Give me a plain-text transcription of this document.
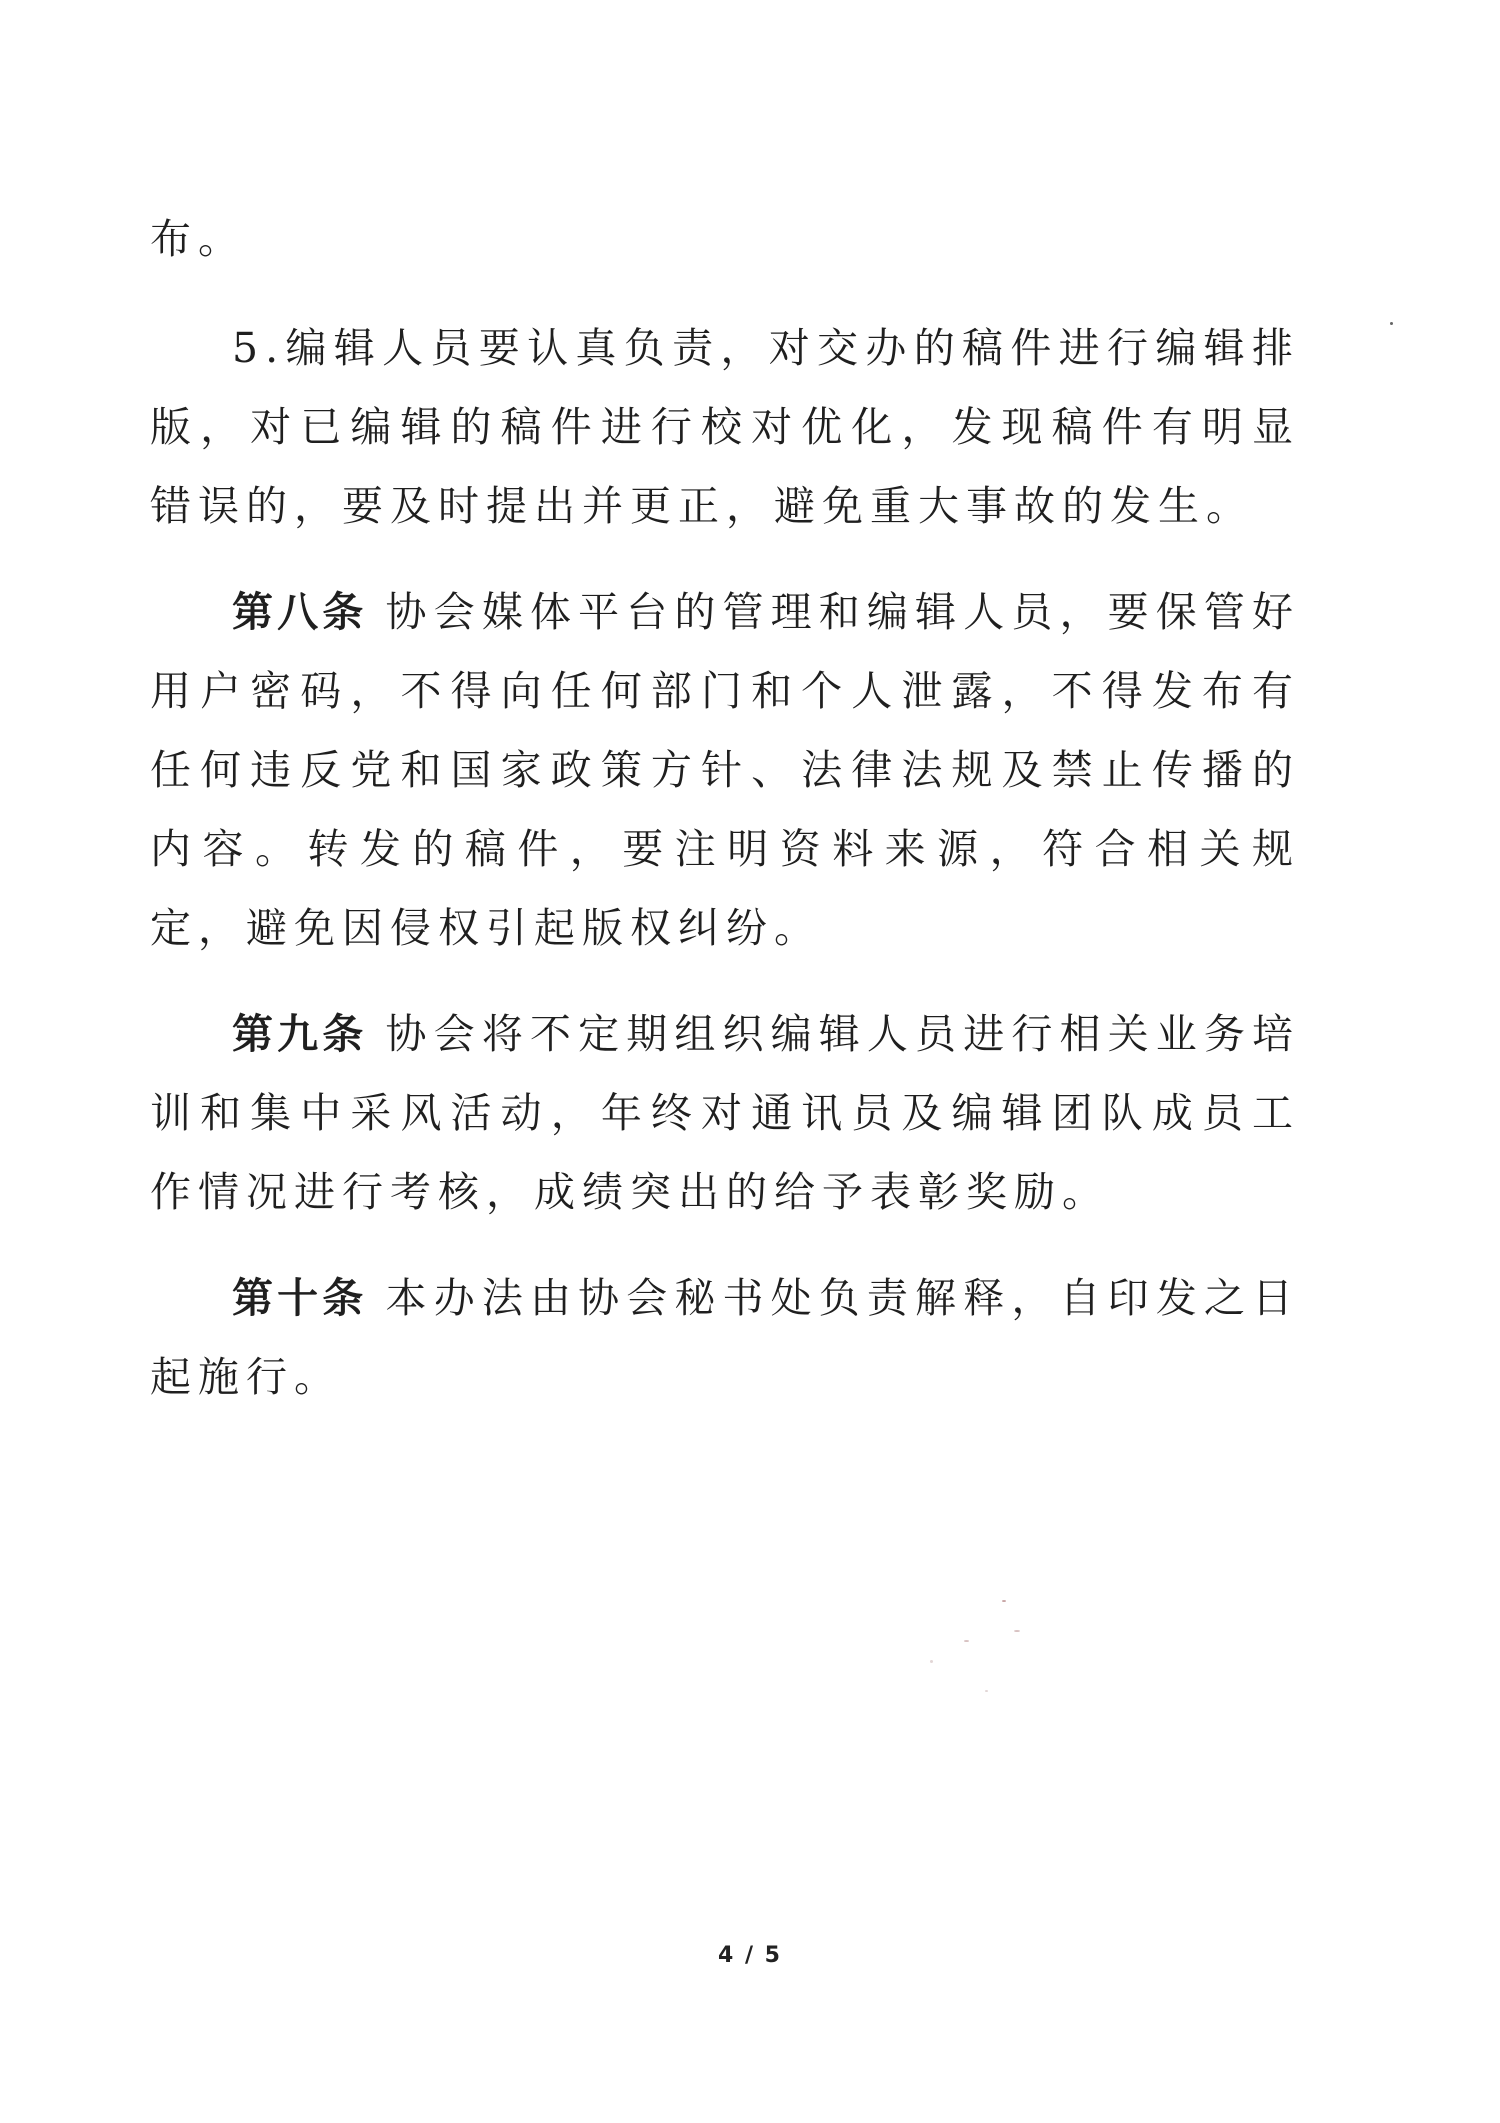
布。

5.编辑人员要认真负责，对交办的稿件进行编辑排版，对已编辑的稿件进行校对优化，发现稿件有明显错误的，要及时提出并更正，避免重大事故的发生。

第八条 协会媒体平台的管理和编辑人员，要保管好用户密码，不得向任何部门和个人泄露，不得发布有任何违反党和国家政策方针、法律法规及禁止传播的内容。转发的稿件，要注明资料来源，符合相关规定，避免因侵权引起版权纠纷。

第九条 协会将不定期组织编辑人员进行相关业务培训和集中采风活动，年终对通讯员及编辑团队成员工作情况进行考核，成绩突出的给予表彰奖励。

第十条 本办法由协会秘书处负责解释，自印发之日起施行。

4 / 5
